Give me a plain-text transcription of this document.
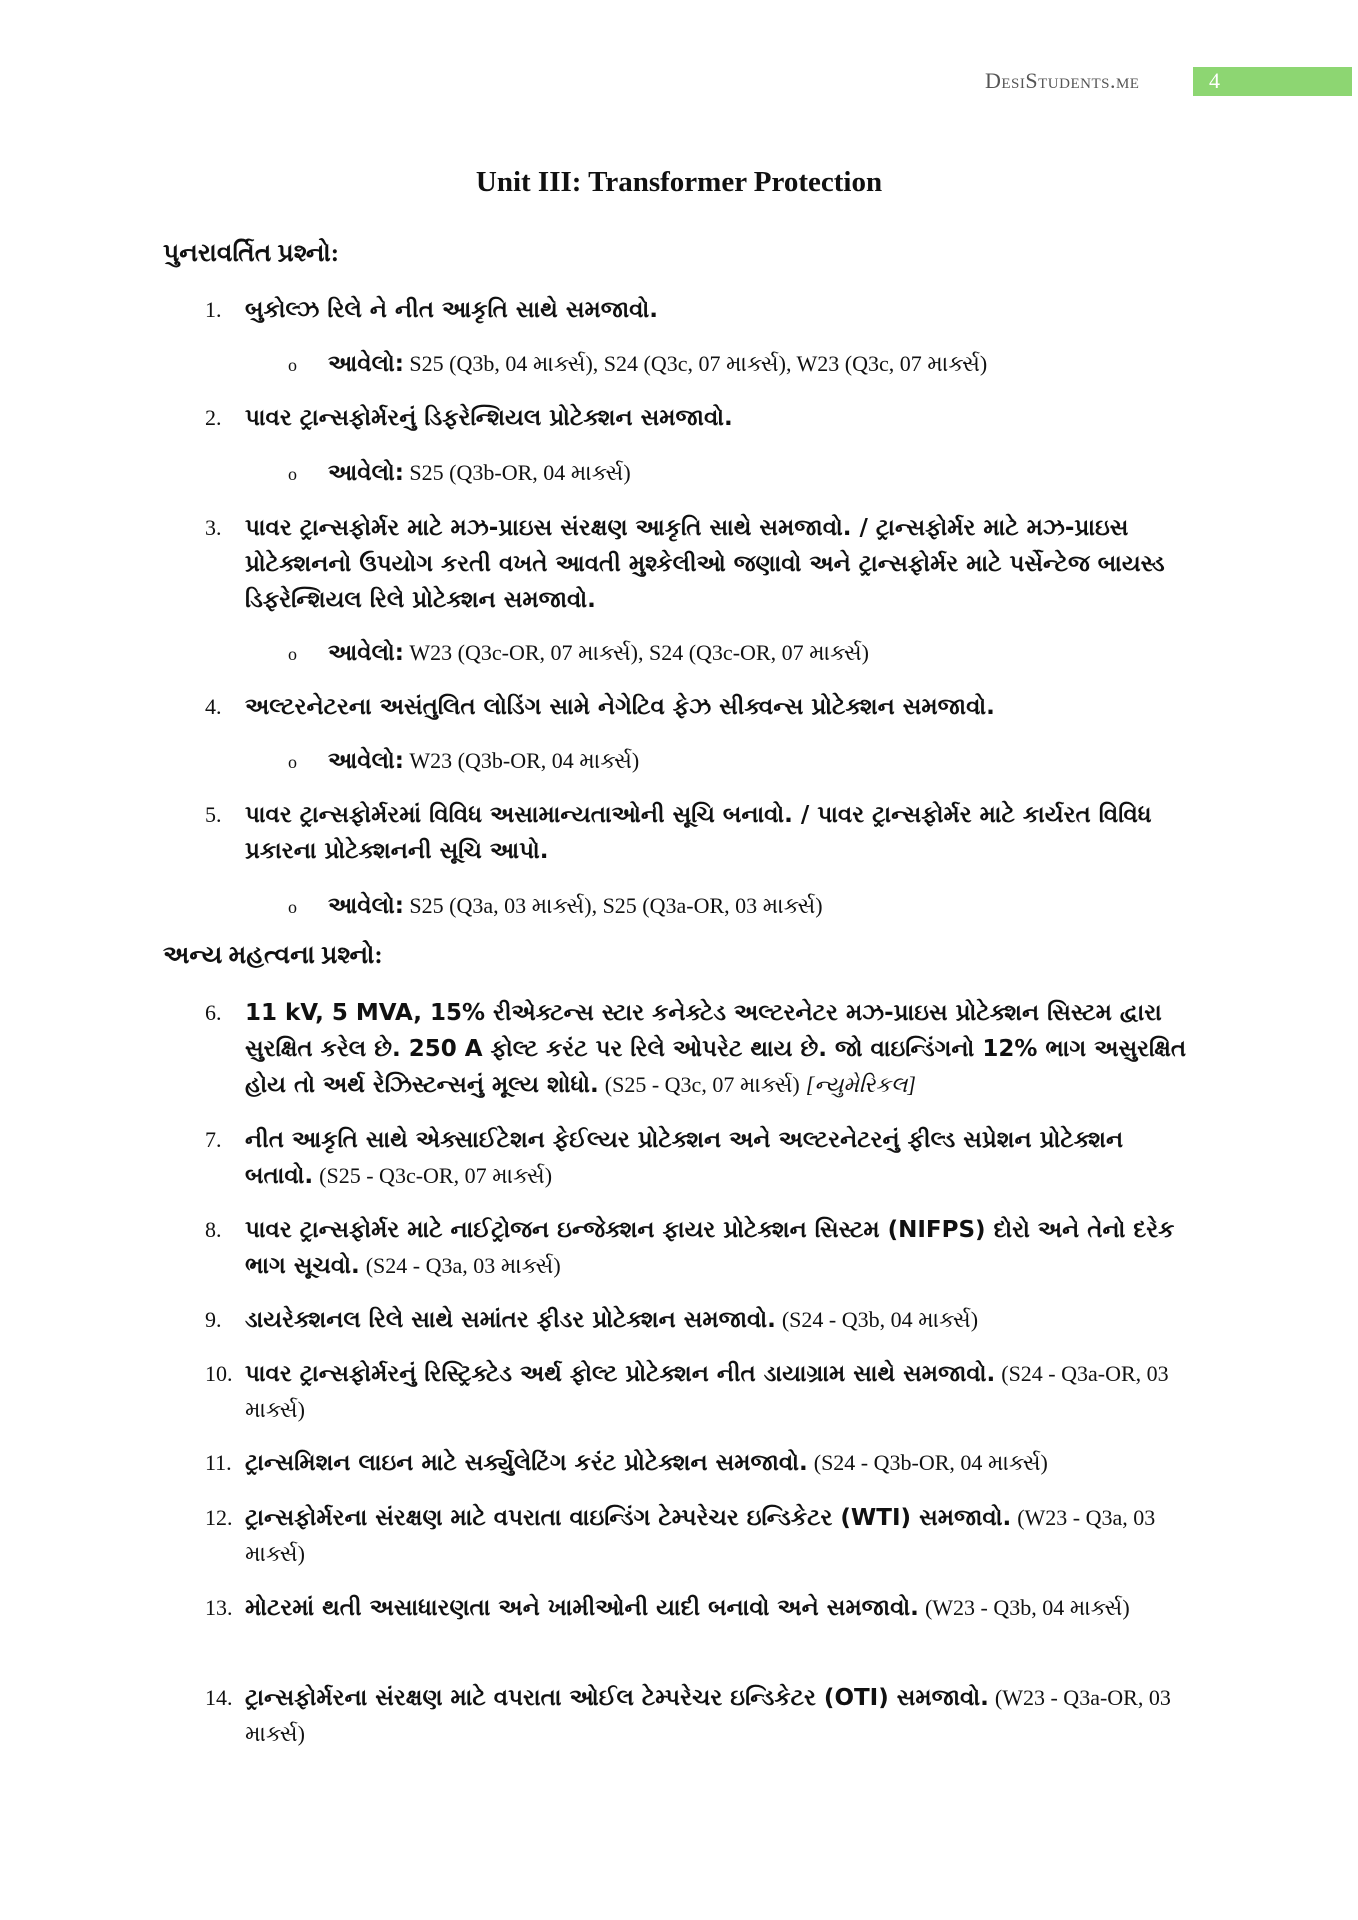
DesiStudents.me	4
Unit III: Transformer Protection
પુનરાવર્તિત પ્રશ્નો:
1. બુકોલ્ઝ રિલે ને નીત આકૃતિ સાથે સમજાવો.
o આવેલો: S25 (Q3b, 04 માર્ક્સ), S24 (Q3c, 07 માર્ક્સ), W23 (Q3c, 07 માર્ક્સ)
2. પાવર ટ્રાન્સફોર્મરનું ડિફરેન્શિયલ પ્રોટેક્શન સમજાવો.
o આવેલો: S25 (Q3b-OR, 04 માર્ક્સ)
3. પાવર ટ્રાન્સફોર્મર માટે મઝ-પ્રાઇસ સંરક્ષણ આકૃતિ સાથે સમજાવો. / ટ્રાન્સફોર્મર માટે મઝ-પ્રાઇસ પ્રોટેક્શનનો ઉપયોગ કરતી વખતે આવતી મુશ્કેલીઓ જણાવો અને ટ્રાન્સફોર્મર માટે પર્સેન્ટેજ બાયસ્ડ ડિફરેન્શિયલ રિલે પ્રોટેક્શન સમજાવો.
o આવેલો: W23 (Q3c-OR, 07 માર્ક્સ), S24 (Q3c-OR, 07 માર્ક્સ)
4. અલ્ટરનેટરના અસંતુલિત લોડિંગ સામે નેગેટિવ ફેઝ સીક્વન્સ પ્રોટેક્શન સમજાવો.
o આવેલો: W23 (Q3b-OR, 04 માર્ક્સ)
5. પાવર ટ્રાન્સફોર્મરમાં વિવિધ અસામાન્યતાઓની સૂચિ બનાવો. / પાવર ટ્રાન્સફોર્મર માટે કાર્યરત વિવિધ પ્રકારના પ્રોટેક્શનની સૂચિ આપો.
o આવેલો: S25 (Q3a, 03 માર્ક્સ), S25 (Q3a-OR, 03 માર્ક્સ)
અન્ય મહત્વના પ્રશ્નો:
6. 11 kV, 5 MVA, 15% રીએક્ટન્સ સ્ટાર કનેક્ટેડ અલ્ટરનેટર મઝ-પ્રાઇસ પ્રોટેક્શન સિસ્ટમ દ્વારા સુરક્ષિત કરેલ છે. 250 A ફોલ્ટ કરંટ પર રિલે ઓપરેટ થાય છે. જો વાઇન્ડિંગનો 12% ભાગ અસુરક્ષિત હોય તો અર્થ રેઝિસ્ટન્સનું મૂલ્ય શોધો. (S25 - Q3c, 07 માર્ક્સ) [ન્યુમેરિકલ]
7. નીત આકૃતિ સાથે એક્સાઈટેશન ફેઈલ્યર પ્રોટેક્શન અને અલ્ટરનેટરનું ફીલ્ડ સપ્રેશન પ્રોટેક્શન બતાવો. (S25 - Q3c-OR, 07 માર્ક્સ)
8. પાવર ટ્રાન્સફોર્મર માટે નાઈટ્રોજન ઇન્જેક્શન ફાયર પ્રોટેક્શન સિસ્ટમ (NIFPS) દોરો અને તેનો દરેક ભાગ સૂચવો. (S24 - Q3a, 03 માર્ક્સ)
9. ડાયરેક્શનલ રિલે સાથે સમાંતર ફીડર પ્રોટેક્શન સમજાવો. (S24 - Q3b, 04 માર્ક્સ)
10. પાવર ટ્રાન્સફોર્મરનું રિસ્ટ્રિક્ટેડ અર્થ ફોલ્ટ પ્રોટેક્શન નીત ડાયાગ્રામ સાથે સમજાવો. (S24 - Q3a-OR, 03 માર્ક્સ)
11. ટ્રાન્સમિશન લાઇન માટે સર્ક્યુલેટિંગ કરંટ પ્રોટેક્શન સમજાવો. (S24 - Q3b-OR, 04 માર્ક્સ)
12. ટ્રાન્સફોર્મરના સંરક્ષણ માટે વપરાતા વાઇન્ડિંગ ટેમ્પરેચર ઇન્ડિકેટર (WTI) સમજાવો. (W23 - Q3a, 03 માર્ક્સ)
13. મોટરમાં થતી અસાધારણતા અને ખામીઓની યાદી બનાવો અને સમજાવો. (W23 - Q3b, 04 માર્ક્સ)
14. ટ્રાન્સફોર્મરના સંરક્ષણ માટે વપરાતા ઓઈલ ટેમ્પરેચર ઇન્ડિકેટર (OTI) સમજાવો. (W23 - Q3a-OR, 03 માર્ક્સ)
